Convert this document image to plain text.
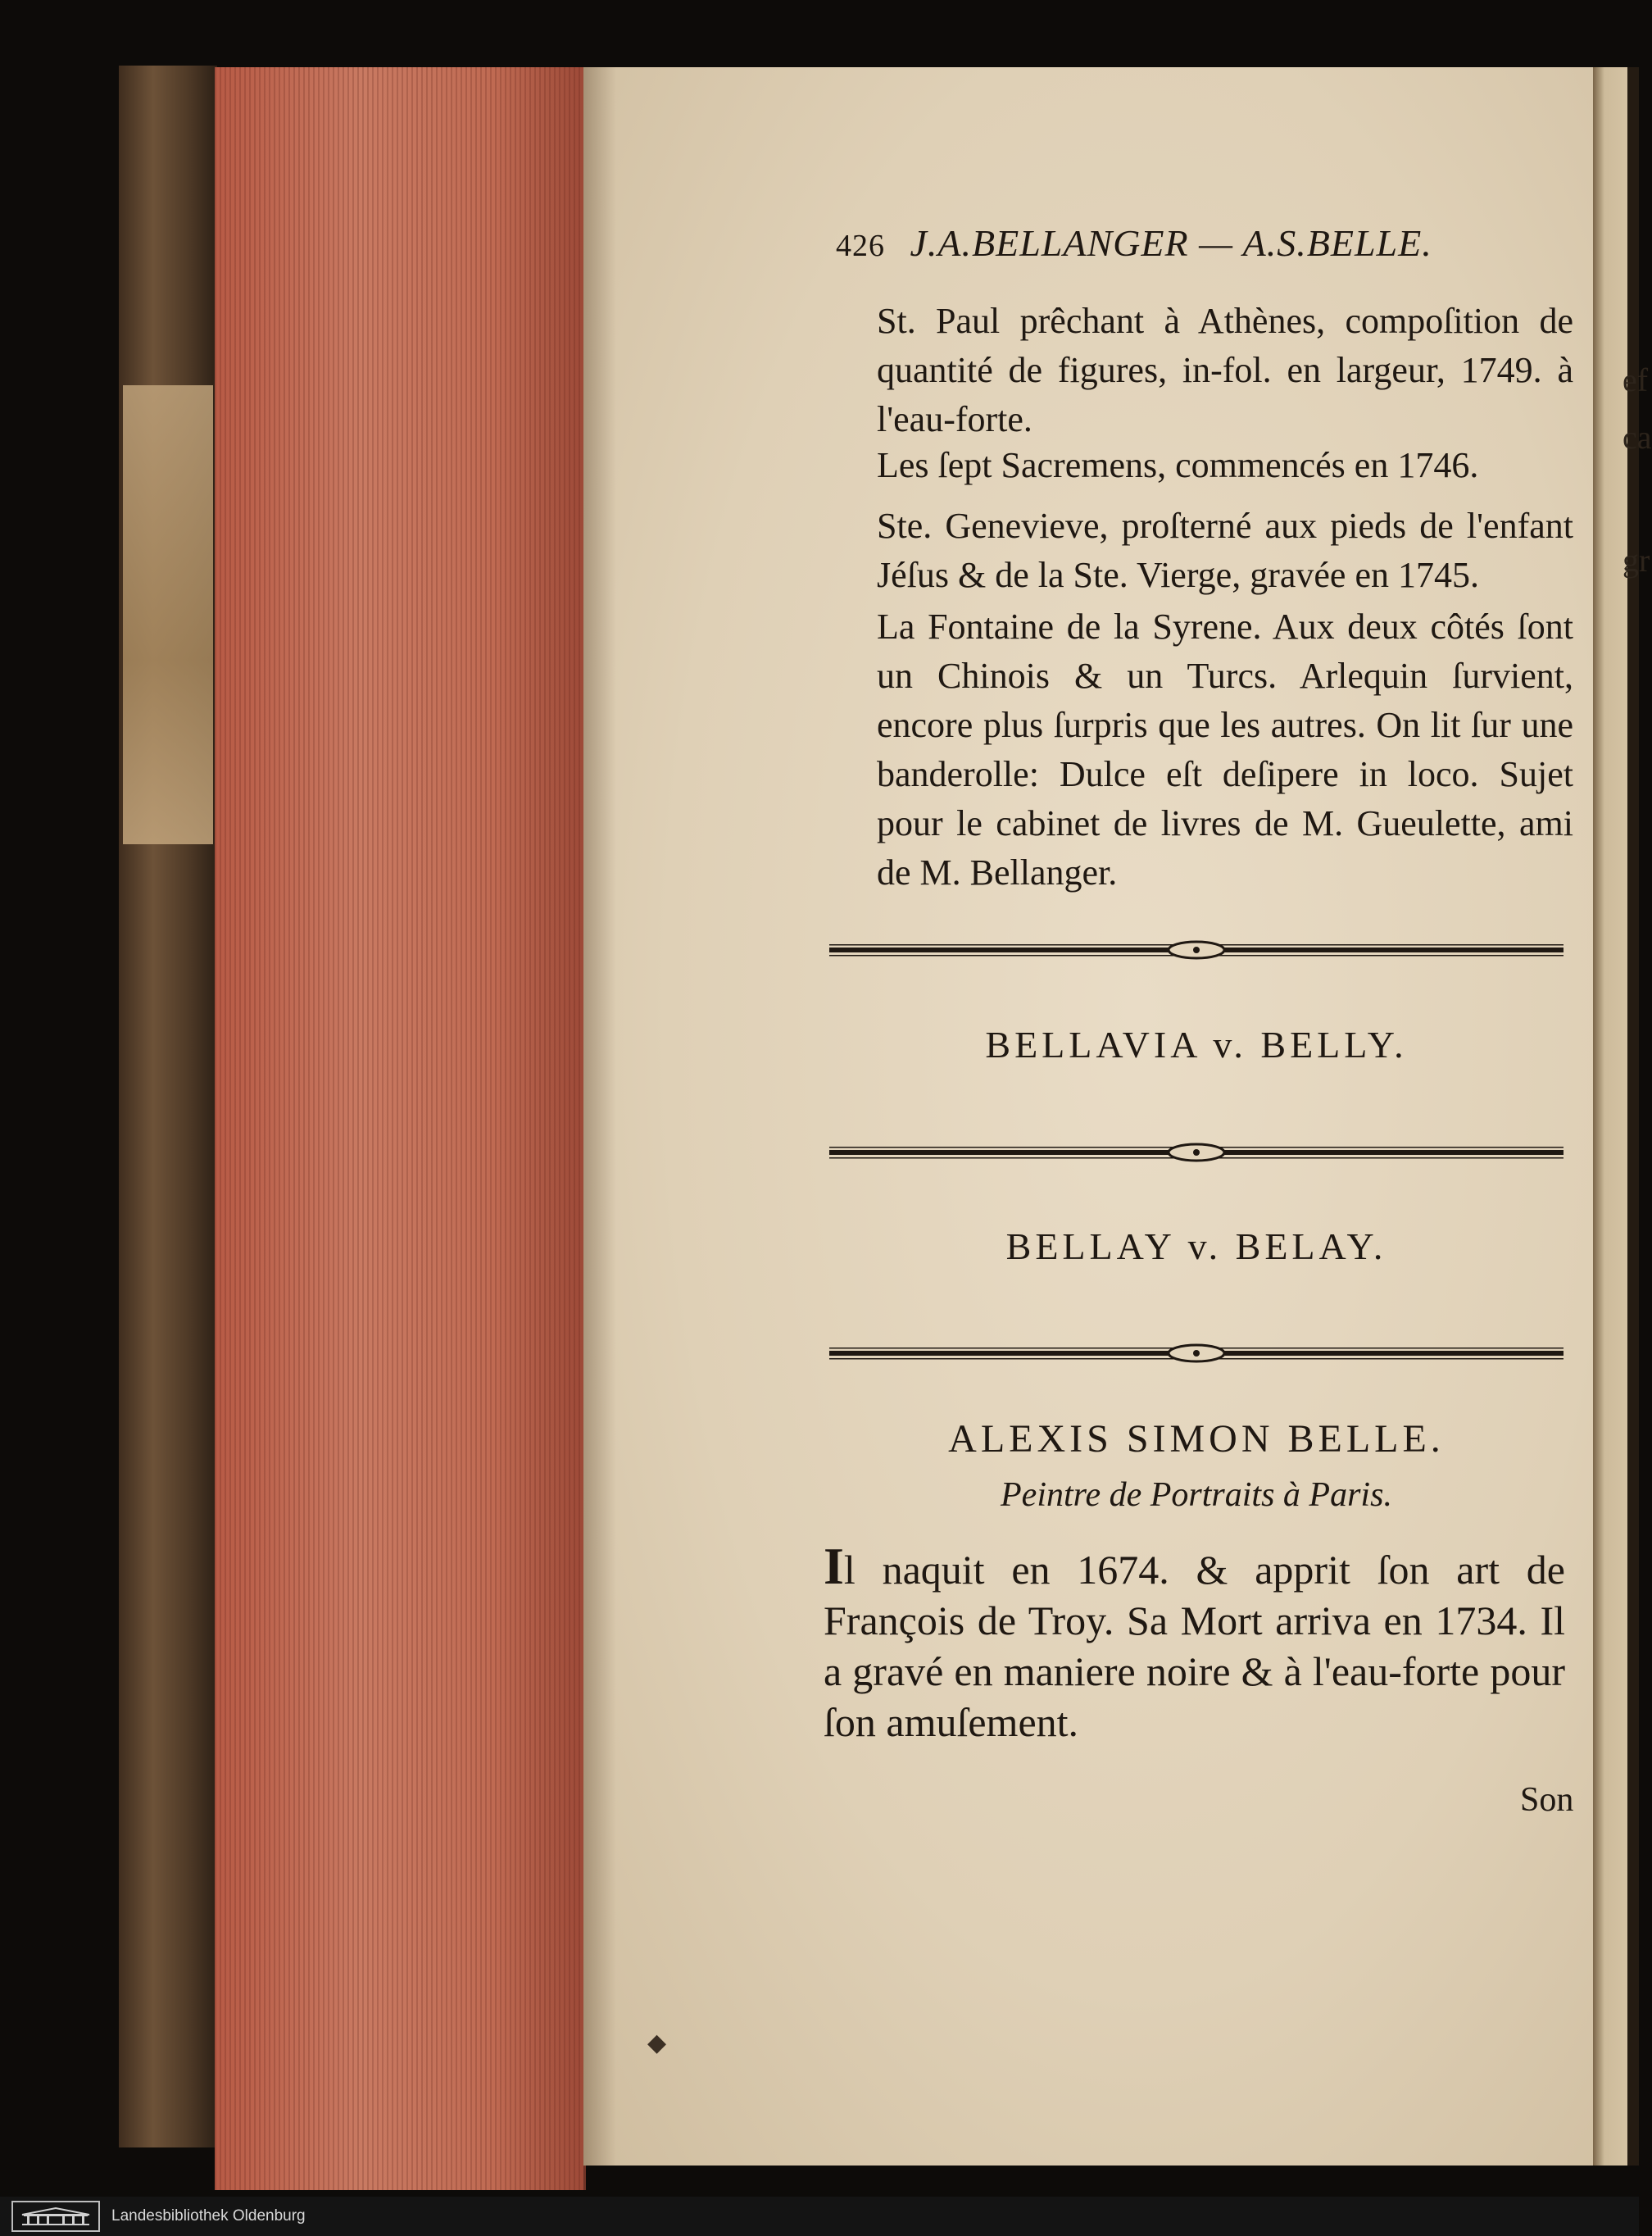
ef
ca
gr
426 J.A.BELLANGER — A.S.BELLE.
St. Paul prêchant à Athènes, compoſition de quantité de figures, in-fol. en largeur, 1749. à l'eau-forte.
Les ſept Sacremens, commencés en 1746.
Ste. Genevieve, proſterné aux pieds de l'enfant Jéſus & de la Ste. Vierge, gravée en 1745.
La Fontaine de la Syrene. Aux deux côtés ſont un Chinois & un Turcs. Arlequin ſurvient, encore plus ſurpris que les autres. On lit ſur une banderolle: Dulce eſt deſipere in loco. Sujet pour le cabinet de livres de M. Gueulette, ami de M. Bellanger.
BELLAVIA v. BELLY.
BELLAY v. BELAY.
ALEXIS SIMON BELLE.
Peintre de Portraits à Paris.
Il naquit en 1674. & apprit ſon art de François de Troy. Sa Mort arriva en 1734. Il a gravé en maniere noire & à l'eau-forte pour ſon amuſement.
Son
◆
Landesbibliothek Oldenburg
